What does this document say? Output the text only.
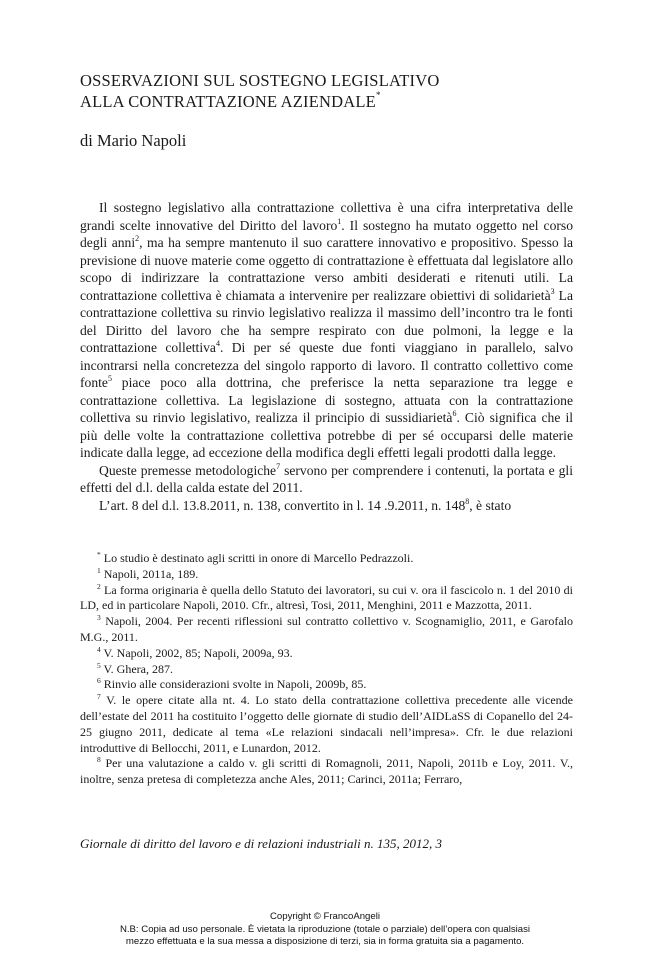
OSSERVAZIONI SUL SOSTEGNO LEGISLATIVO
ALLA CONTRATTAZIONE AZIENDALE*
di Mario Napoli

Il sostegno legislativo alla contrattazione collettiva è una cifra interpretativa delle grandi scelte innovative del Diritto del lavoro$^1$. Il sostegno ha mutato oggetto nel corso degli anni$^2$, ma ha sempre mantenuto il suo carattere innovativo e propositivo. Spesso la previsione di nuove materie come oggetto di contrattazione è effettuata dal legislatore allo scopo di indirizzare la contrattazione verso ambiti desiderati e ritenuti utili. La contrattazione collettiva è chiamata a intervenire per realizzare obiettivi di solidarietà$^3$ La contrattazione collettiva su rinvio legislativo realizza il massimo dell’incontro tra le fonti del Diritto del lavoro che ha sempre respirato con due polmoni, la legge e la contrattazione collettiva$^4$. Di per sé queste due fonti viaggiano in parallelo, salvo incontrarsi nella concretezza del singolo rapporto di lavoro. Il contratto collettivo come fonte$^5$ piace poco alla dottrina, che preferisce la netta separazione tra legge e contrattazione collettiva. La legislazione di sostegno, attuata con la contrattazione collettiva su rinvio legislativo, realizza il principio di sussidiarietà$^6$. Ciò significa che il più delle volte la contrattazione collettiva potrebbe di per sé occuparsi delle materie indicate dalla legge, ad eccezione della modifica degli effetti legali prodotti dalla legge.

Queste premesse metodologiche$^7$ servono per comprendere i contenuti, la portata e gli effetti del d.l. della calda estate del 2011.

L’art. 8 del d.l. 13.8.2011, n. 138, convertito in l. 14 .9.2011, n. 148$^8$, è stato

* Lo studio è destinato agli scritti in onore di Marcello Pedrazzoli.

$^1$ Napoli, 2011a, 189.

$^2$ La forma originaria è quella dello Statuto dei lavoratori, su cui v. ora il fascicolo n. 1 del 2010 di LD, ed in particolare Napoli, 2010. Cfr., altresì, Tosi, 2011, Menghini, 2011 e Mazzotta, 2011.

$^3$ Napoli, 2004. Per recenti riflessioni sul contratto collettivo v. Scognamiglio, 2011, e Garofalo M.G., 2011.

$^4$ V. Napoli, 2002, 85; Napoli, 2009a, 93.

$^5$ V. Ghera, 287.

$^6$ Rinvio alle considerazioni svolte in Napoli, 2009b, 85.

$^7$ V. le opere citate alla nt. 4. Lo stato della contrattazione collettiva precedente alle vicende dell’estate del 2011 ha costituito l’oggetto delle giornate di studio dell’AIDLaSS di Copanello del 24-25 giugno 2011, dedicate al tema «Le relazioni sindacali nell’impresa». Cfr. le due relazioni introduttive di Bellocchi, 2011, e Lunardon, 2012.

$^8$ Per una valutazione a caldo v. gli scritti di Romagnoli, 2011, Napoli, 2011b e Loy, 2011. V., inoltre, senza pretesa di completezza anche Ales, 2011; Carinci, 2011a; Ferraro,

Giornale di diritto del lavoro e di relazioni industriali n. 135, 2012, 3
Copyright © FrancoAngeli
N.B: Copia ad uso personale. È vietata la riproduzione (totale o parziale) dell’opera con qualsiasi
mezzo effettuata e la sua messa a disposizione di terzi, sia in forma gratuita sia a pagamento.
